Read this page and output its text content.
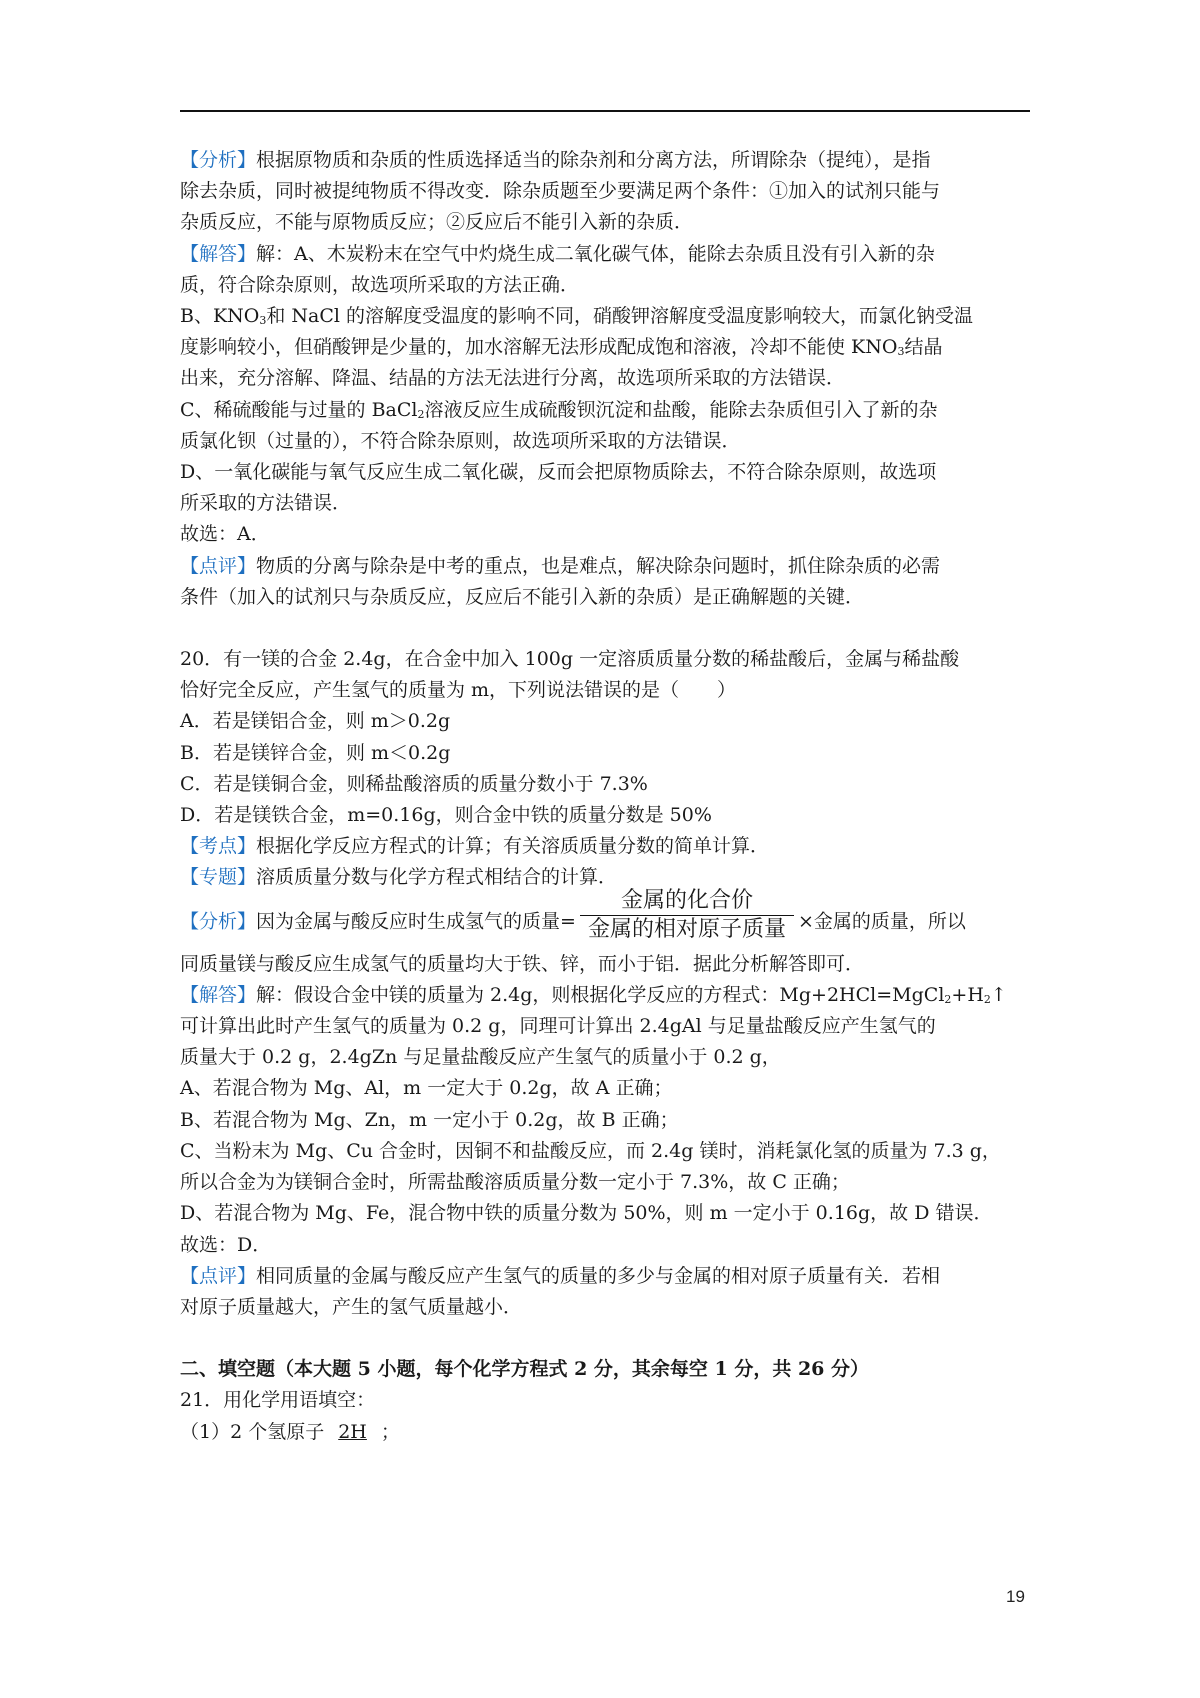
【分析】根据原物质和杂质的性质选择适当的除杂剂和分离方法，所谓除杂（提纯），是指

除去杂质，同时被提纯物质不得改变．除杂质题至少要满足两个条件：①加入的试剂只能与

杂质反应，不能与原物质反应；②反应后不能引入新的杂质．

【解答】解：A、木炭粉末在空气中灼烧生成二氧化碳气体，能除去杂质且没有引入新的杂

质，符合除杂原则，故选项所采取的方法正确．

B、$KNO_3$和 NaCl 的溶解度受温度的影响不同，硝酸钾溶解度受温度影响较大，而氯化钠受温

度影响较小，但硝酸钾是少量的，加水溶解无法形成配成饱和溶液，冷却不能使 $KNO_3$结晶

出来，充分溶解、降温、结晶的方法无法进行分离，故选项所采取的方法错误．

C、稀硫酸能与过量的 BaCl$_2$溶液反应生成硫酸钡沉淀和盐酸，能除去杂质但引入了新的杂

质氯化钡（过量的），不符合除杂原则，故选项所采取的方法错误．

D、一氧化碳能与氧气反应生成二氧化碳，反而会把原物质除去，不符合除杂原则，故选项

所采取的方法错误．

故选：A．

【点评】物质的分离与除杂是中考的重点，也是难点，解决除杂问题时，抓住除杂质的必需

条件（加入的试剂只与杂质反应，反应后不能引入新的杂质）是正确解题的关键．

20．有一镁的合金 2.4g，在合金中加入 100g 一定溶质质量分数的稀盐酸后，金属与稀盐酸

恰好完全反应，产生氢气的质量为 m，下列说法错误的是（　　）

A．若是镁铝合金，则 m＞0.2g

B．若是镁锌合金，则 m＜0.2g

C．若是镁铜合金，则稀盐酸溶质的质量分数小于 7.3%

D．若是镁铁合金，m=0.16g，则合金中铁的质量分数是 50%

【考点】根据化学反应方程式的计算；有关溶质质量分数的简单计算．

【专题】溶质质量分数与化学方程式相结合的计算．

【分析】因为金属与酸反应时生成氢气的质量= $\frac{\text{金属的化合价}}{\text{金属的相对原子质量}}$ ×金属的质量，所以

同质量镁与酸反应生成氢气的质量均大于铁、锌，而小于铝．据此分析解答即可．

【解答】解：假设合金中镁的质量为 2.4g，则根据化学反应的方程式：$Mg+2HCl=MgCl_2+H_2↑$

可计算出此时产生氢气的质量为 0.2 g，同理可计算出 2.4gAl 与足量盐酸反应产生氢气的

质量大于 0.2 g，2.4gZn 与足量盐酸反应产生氢气的质量小于 0.2 g，

A、若混合物为 Mg、Al，m 一定大于 0.2g，故 A 正确；

B、若混合物为 Mg、Zn，m 一定小于 0.2g，故 B 正确；

C、当粉末为 Mg、Cu 合金时，因铜不和盐酸反应，而 2.4g 镁时，消耗氯化氢的质量为 7.3 g，

所以合金为为镁铜合金时，所需盐酸溶质质量分数一定小于 7.3%，故 C 正确；

D、若混合物为 Mg、Fe，混合物中铁的质量分数为 50%，则 m 一定小于 0.16g，故 D 错误．

故选：D．

【点评】相同质量的金属与酸反应产生氢气的质量的多少与金属的相对原子质量有关．若相

对原子质量越大，产生的氢气质量越小．

二、填空题（本大题 5 小题，每个化学方程式 2 分，其余每空 1 分，共 26 分）

21．用化学用语填空：

（1）2 个氢原子 2H ；

19
